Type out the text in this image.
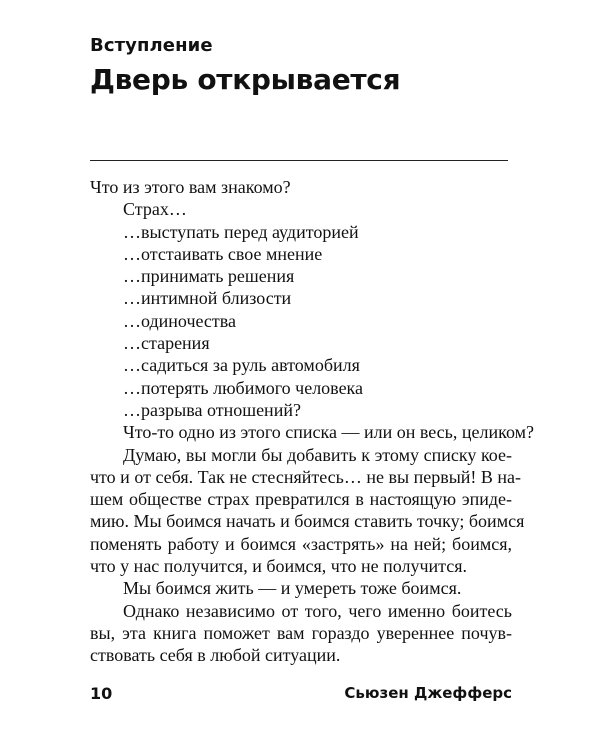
Вступление
Дверь открывается
Что из этого вам знакомо?
Страх…
…выступать перед аудиторией
…отстаивать свое мнение
…принимать решения
…интимной близости
…одиночества
…старения
…садиться за руль автомобиля
…потерять любимого человека
…разрыва отношений?
Что-то одно из этого списка — или он весь, целиком?
Думаю, вы могли бы добавить к этому списку кое-
что и от себя. Так не стесняйтесь… не вы первый! В на-
шем обществе страх превратился в настоящую эпиде-
мию. Мы боимся начать и боимся ставить точку; боимся
поменять работу и боимся «застрять» на ней; боимся,
что у нас получится, и боимся, что не получится.
Мы боимся жить — и умереть тоже боимся.
Однако независимо от того, чего именно боитесь
вы, эта книга поможет вам гораздо увереннее почув-
ствовать себя в любой ситуации.
10	Сьюзен Джефферс
